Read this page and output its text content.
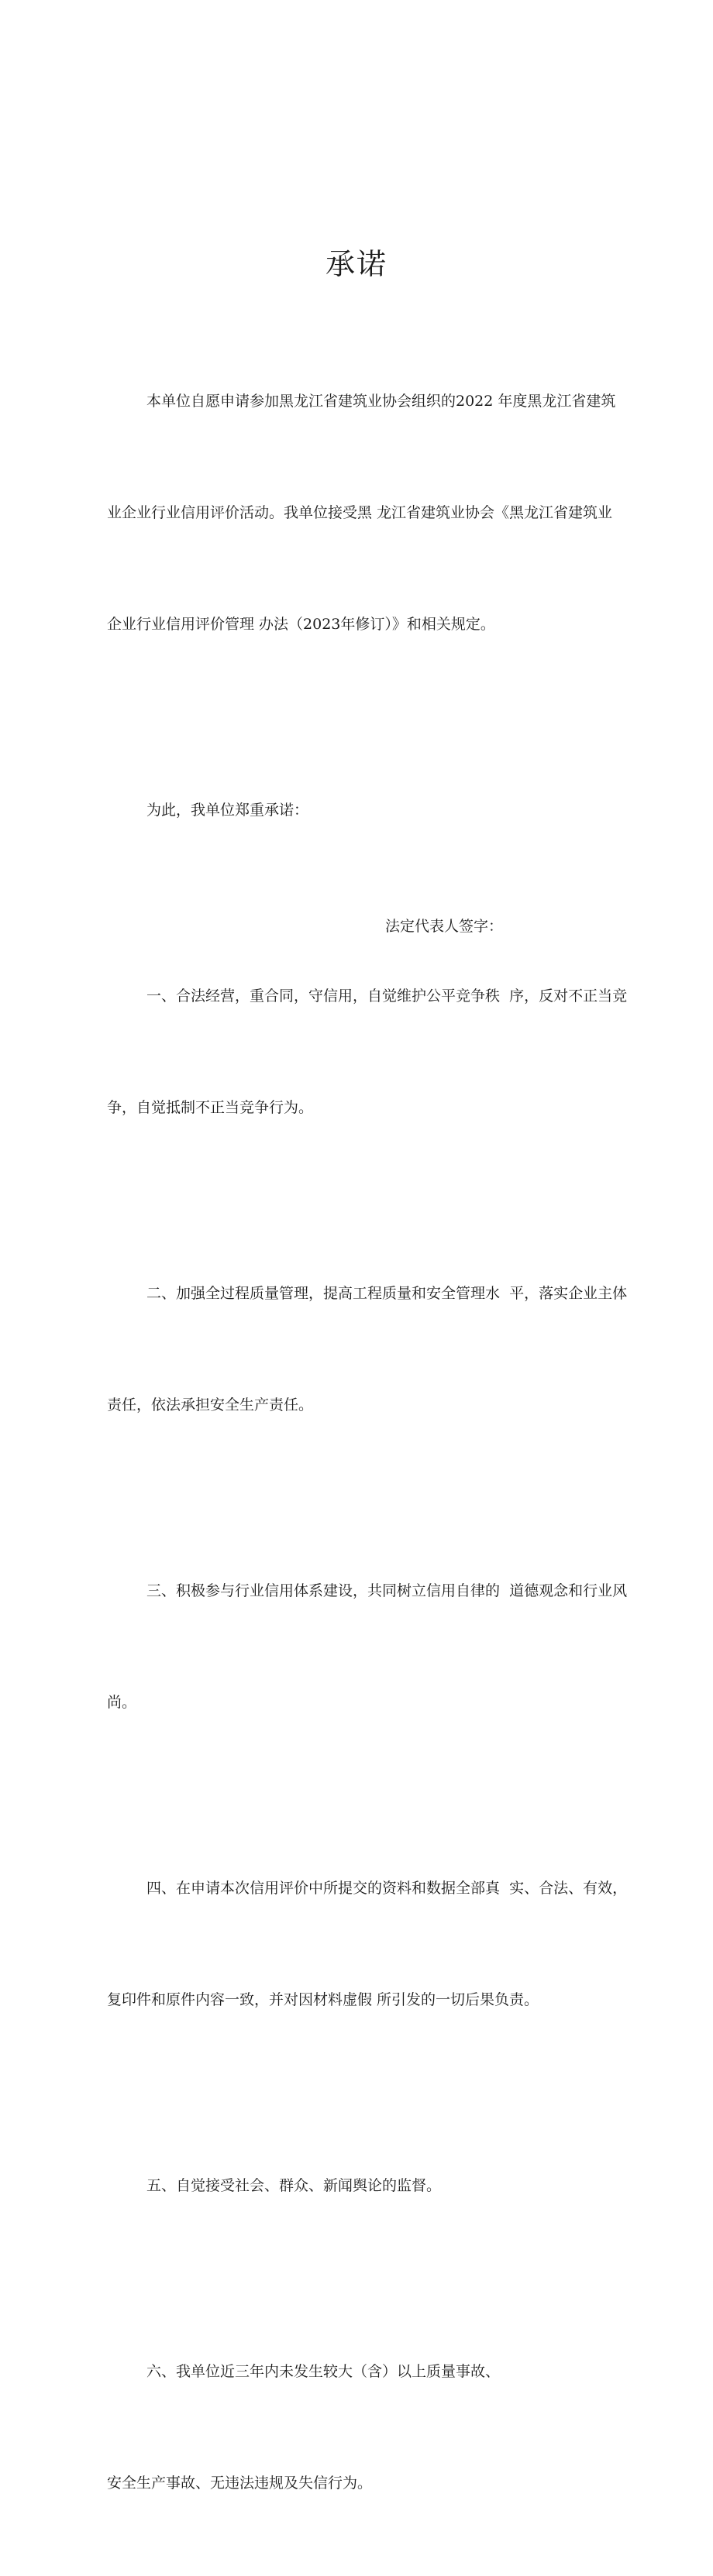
承诺

本单位自愿申请参加黑龙江省建筑业协会组织的2022 年度黑龙江省建筑

业企业行业信用评价活动。我单位接受黑 龙江省建筑业协会《黑龙江省建筑业

企业行业信用评价管理 办法（2023年修订）》和相关规定。

为此，我单位郑重承诺：

一、合法经营，重合同，守信用，自觉维护公平竞争秩  序，反对不正当竞

争，自觉抵制不正当竞争行为。

二、加强全过程质量管理，提高工程质量和安全管理水  平，落实企业主体

责任，依法承担安全生产责任。

三、积极参与行业信用体系建设，共同树立信用自律的  道德观念和行业风

尚。

四、在申请本次信用评价中所提交的资料和数据全部真  实、合法、有效，

复印件和原件内容一致，并对因材料虚假 所引发的一切后果负责。

五、自觉接受社会、群众、新闻舆论的监督。

六、我单位近三年内未发生较大（含）以上质量事故、

安全生产事故、无违法违规及失信行为。

法定代表人签字：
